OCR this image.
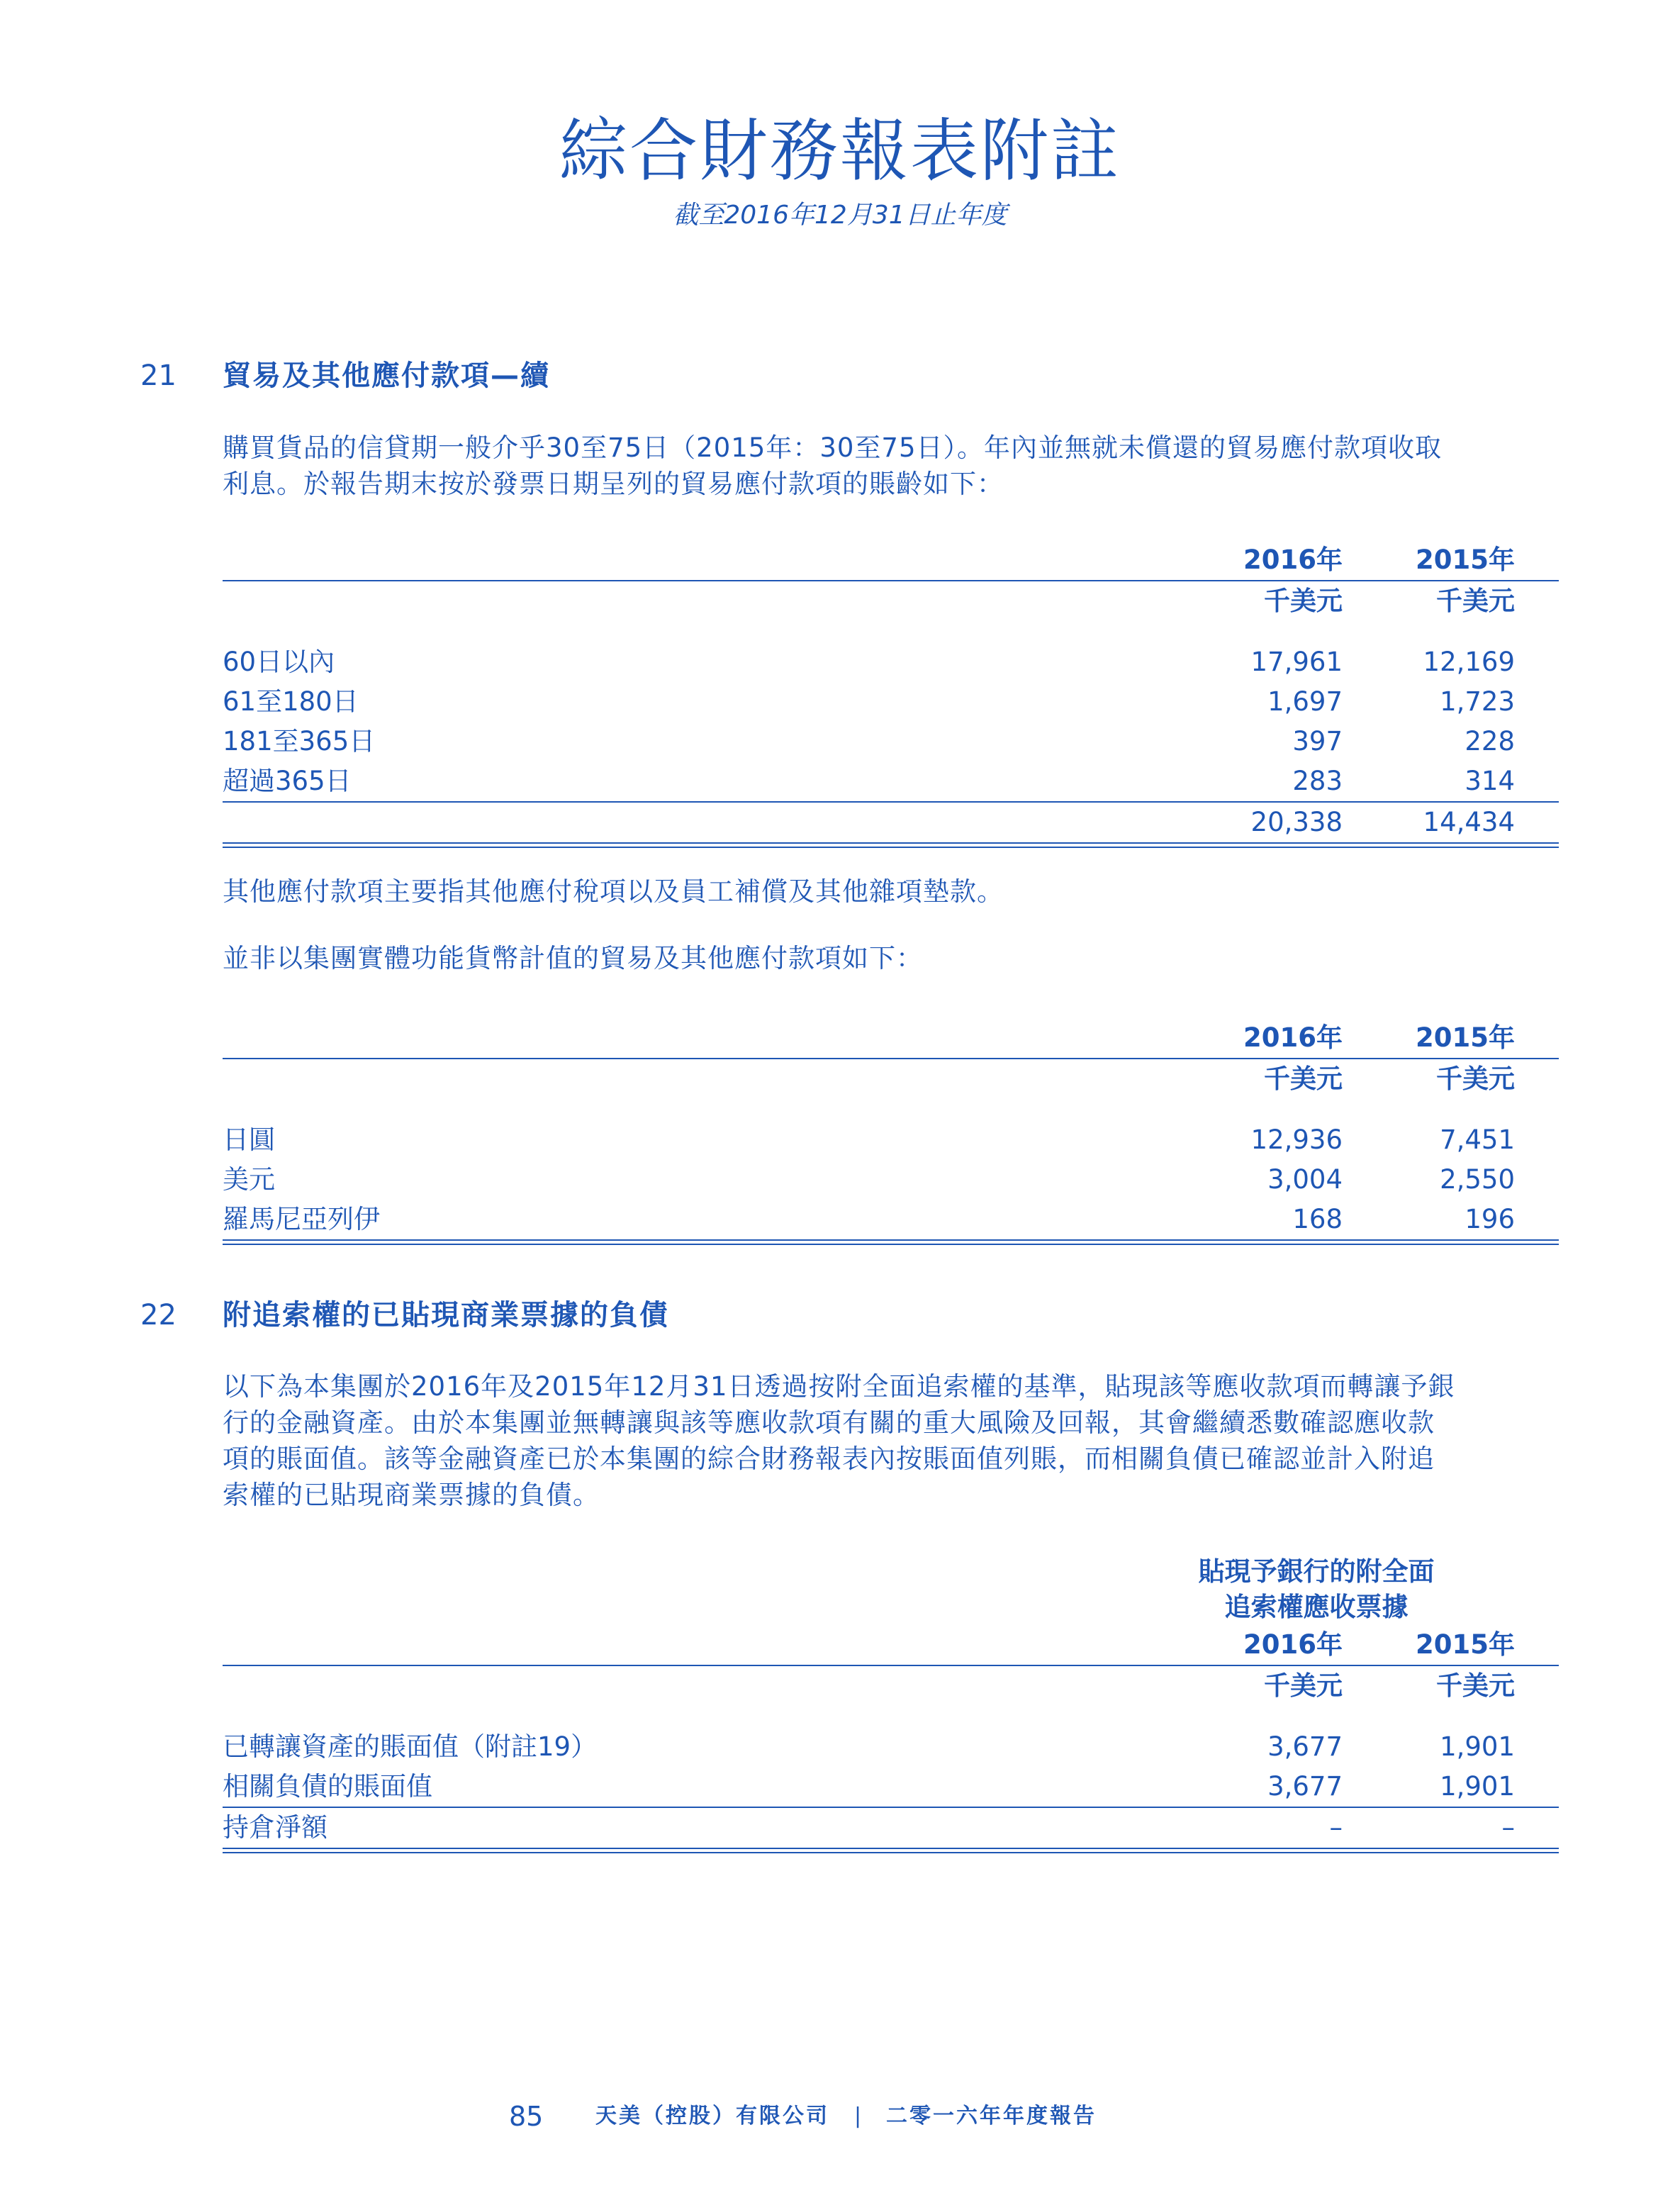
綜合財務報表附註
截至2016年12月31日止年度
21 貿易及其他應付款項—續
購買貨品的信貸期一般介乎30至75日（2015年：30至75日）。年內並無就未償還的貿易應付款項收取
利息。於報告期末按於發票日期呈列的貿易應付款項的賬齡如下：
2016年	2015年
千美元	千美元
60日以內	17,961	12,169
61至180日	1,697	1,723
181至365日	397	228
超過365日	283	314
20,338	14,434
其他應付款項主要指其他應付稅項以及員工補償及其他雜項墊款。
並非以集團實體功能貨幣計值的貿易及其他應付款項如下：
2016年	2015年
千美元	千美元
日圓	12,936	7,451
美元	3,004	2,550
羅馬尼亞列伊	168	196
22 附追索權的已貼現商業票據的負債
以下為本集團於2016年及2015年12月31日透過按附全面追索權的基準，貼現該等應收款項而轉讓予銀
行的金融資產。由於本集團並無轉讓與該等應收款項有關的重大風險及回報，其會繼續悉數確認應收款
項的賬面值。該等金融資產已於本集團的綜合財務報表內按賬面值列賬，而相關負債已確認並計入附追
索權的已貼現商業票據的負債。
貼現予銀行的附全面
追索權應收票據
2016年	2015年
千美元	千美元
已轉讓資產的賬面值（附註19）	3,677	1,901
相關負債的賬面值	3,677	1,901
持倉淨額	–	–
85 天美（控股）有限公司 | 二零一六年年度報告
